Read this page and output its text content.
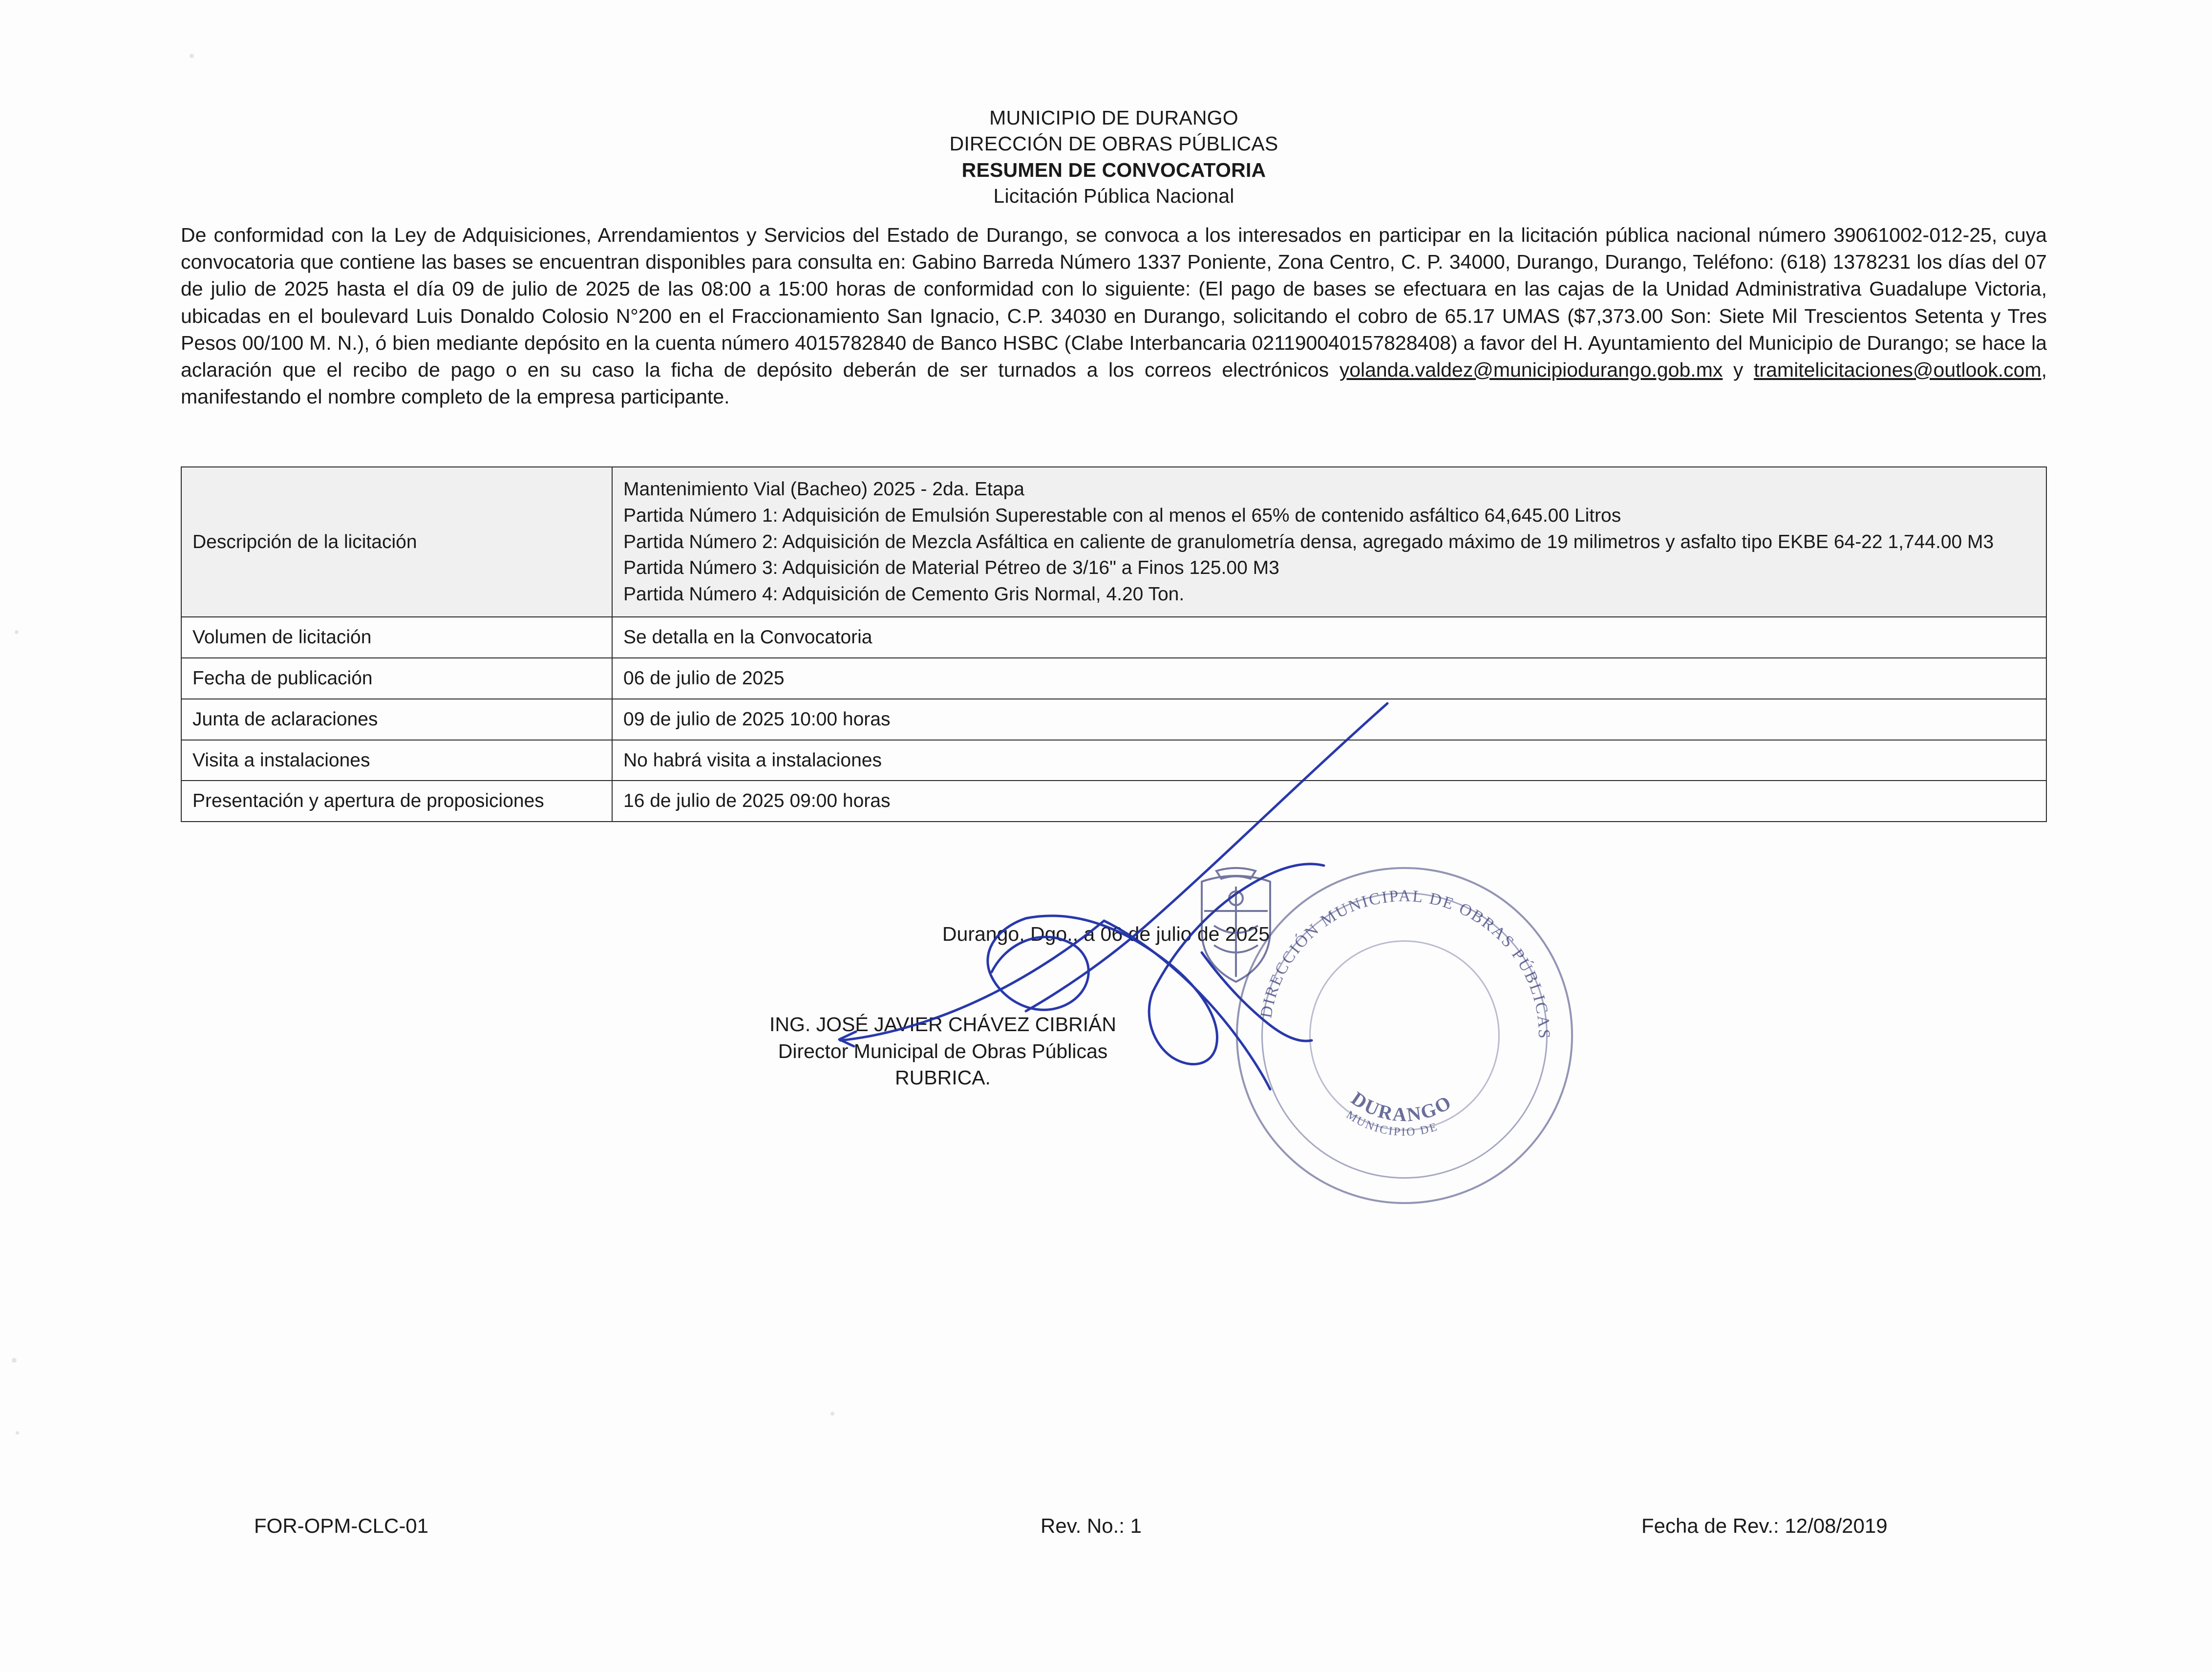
MUNICIPIO DE DURANGO
DIRECCIÓN DE OBRAS PÚBLICAS
RESUMEN DE CONVOCATORIA
Licitación Pública Nacional
De conformidad con la Ley de Adquisiciones, Arrendamientos y Servicios del Estado de Durango, se convoca a los interesados en participar en la licitación pública nacional número 39061002-012-25, cuya convocatoria que contiene las bases se encuentran disponibles para consulta en: Gabino Barreda Número 1337 Poniente, Zona Centro, C. P. 34000, Durango, Durango, Teléfono: (618) 1378231 los días del 07 de julio de 2025 hasta el día 09 de julio de 2025 de las 08:00 a 15:00 horas de conformidad con lo siguiente: (El pago de bases se efectuara en las cajas de la Unidad Administrativa Guadalupe Victoria, ubicadas en el boulevard Luis Donaldo Colosio N°200 en el Fraccionamiento San Ignacio, C.P. 34030 en Durango, solicitando el cobro de 65.17 UMAS ($7,373.00 Son: Siete Mil Trescientos Setenta y Tres Pesos 00/100 M. N.), ó bien mediante depósito en la cuenta número 4015782840 de Banco HSBC (Clabe Interbancaria 021190040157828408) a favor del H. Ayuntamiento del Municipio de Durango; se hace la aclaración que el recibo de pago o en su caso la ficha de depósito deberán de ser turnados a los correos electrónicos yolanda.valdez@municipiodurango.gob.mx y tramitelicitaciones@outlook.com, manifestando el nombre completo de la empresa participante.
Descripción de la licitación	Mantenimiento Vial (Bacheo) 2025 - 2da. Etapa
Partida Número 1: Adquisición de Emulsión Superestable con al menos el 65% de contenido asfáltico 64,645.00 Litros
Partida Número 2: Adquisición de Mezcla Asfáltica en caliente de granulometría densa, agregado máximo de 19 milimetros y asfalto tipo EKBE 64-22 1,744.00 M3
Partida Número 3: Adquisición de Material Pétreo de 3/16" a Finos 125.00 M3
Partida Número 4: Adquisición de Cemento Gris Normal, 4.20 Ton.

Volumen de licitación	Se detalla en la Convocatoria
Fecha de publicación	06 de julio de 2025
Junta de aclaraciones	09 de julio de 2025 10:00 horas
Visita a instalaciones	No habrá visita a instalaciones
Presentación y apertura de proposiciones	16 de julio de 2025 09:00 horas
Durango, Dgo., a 06 de julio de 2025
ING. JOSÉ JAVIER CHÁVEZ CIBRIÁN
Director Municipal de Obras Públicas
RUBRICA.
DIRECCIÓN MUNICIPAL DE OBRAS PÚBLICAS
MUNICIPIO DE
DURANGO
FOR-OPM-CLC-01	Rev. No.: 1	Fecha de Rev.: 12/08/2019
